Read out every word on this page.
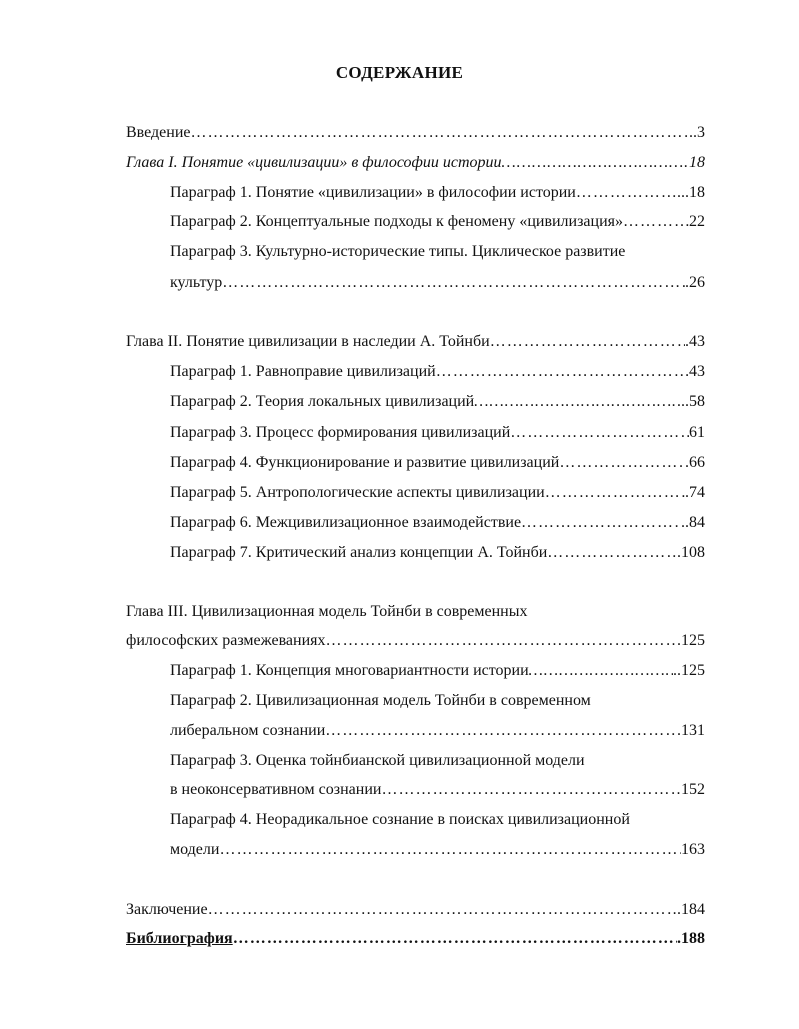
СОДЕРЖАНИЕ
Введение …………………………………………………………………………………………………………………………	..3
Глава I. Понятие «цивилизации» в философии истории …………………………………………………………………………………………………………………………	18
Параграф 1. Понятие «цивилизации» в философии истории …………………………………………………………………………………………………………………………	...18
Параграф 2. Концептуальные подходы к феномену «цивилизация» …………………………………………………………………………………………………………………………	22
Параграф 3. Культурно-исторические типы. Циклическое развитие
культур …………………………………………………………………………………………………………………………	.26
Глава II. Понятие цивилизации в наследии А. Тойнби …………………………………………………………………………………………………………………………	.43
Параграф 1. Равноправие цивилизаций …………………………………………………………………………………………………………………………	43
Параграф 2. Теория локальных цивилизаций …………………………………………………………………………………………………………………………	..58
Параграф 3. Процесс формирования цивилизаций …………………………………………………………………………………………………………………………	61
Параграф 4. Функционирование и развитие цивилизаций …………………………………………………………………………………………………………………………	.66
Параграф 5. Антропологические аспекты цивилизации …………………………………………………………………………………………………………………………	.74
Параграф 6. Межцивилизационное взаимодействие …………………………………………………………………………………………………………………………	..84
Параграф 7. Критический анализ концепции А. Тойнби …………………………………………………………………………………………………………………………	.108
Глава III. Цивилизационная модель Тойнби в современных
философских размежеваниях …………………………………………………………………………………………………………………………	.125
Параграф 1. Концепция многовариантности истории …………………………………………………………………………………………………………………………	..125
Параграф 2. Цивилизационная модель Тойнби в современном
либеральном сознании …………………………………………………………………………………………………………………………	.131
Параграф 3. Оценка тойнбианской цивилизационной модели
в неоконсервативном сознании …………………………………………………………………………………………………………………………	152
Параграф 4. Неорадикальное сознание в поисках цивилизационной
модели …………………………………………………………………………………………………………………………	163
Заключение …………………………………………………………………………………………………………………………	.184
Библиография …………………………………………………………………………………………………………………………	.188
